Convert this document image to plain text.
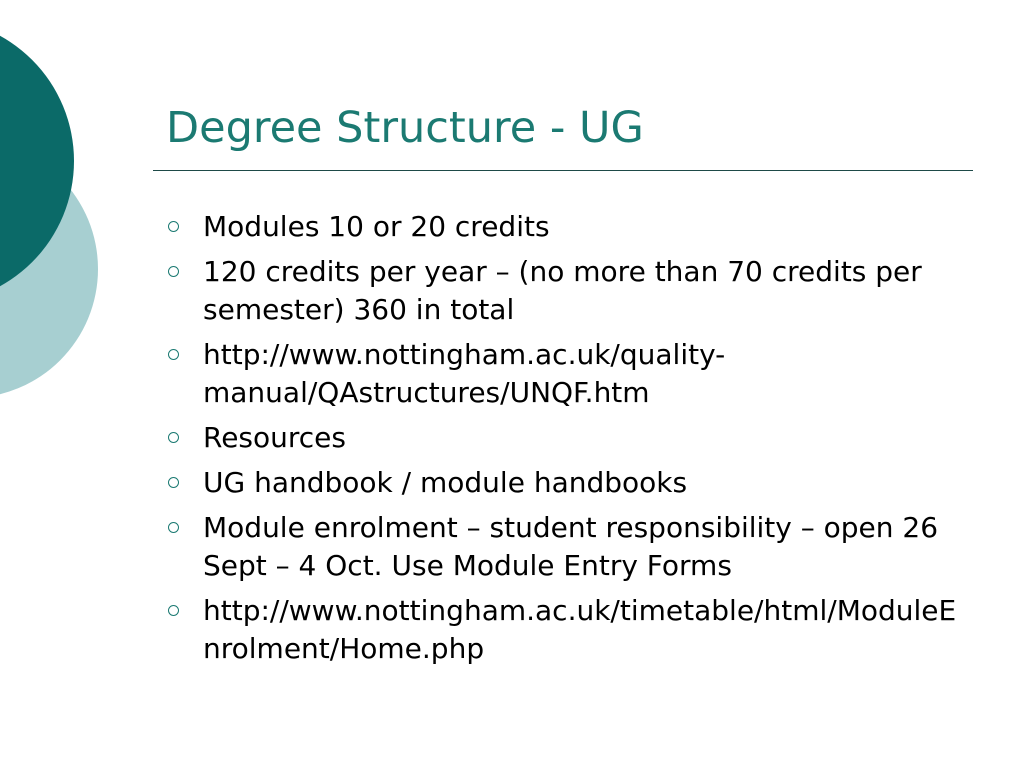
Degree Structure - UG
Modules 10 or 20 credits
120 credits per year – (no more than 70 credits per semester) 360 in total
http://www.nottingham.ac.uk/quality-manual/QAstructures/UNQF.htm
Resources
UG handbook / module handbooks
Module enrolment – student responsibility – open 26 Sept – 4 Oct. Use Module Entry Forms
http://www.nottingham.ac.uk/timetable/html/ModuleEnrolment/Home.php
